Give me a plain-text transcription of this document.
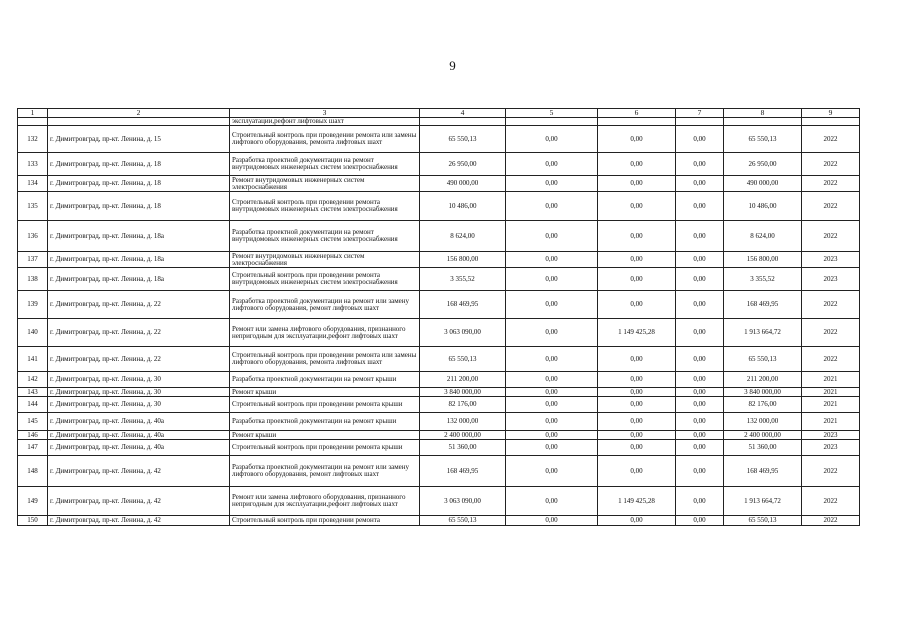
9
1	2	3	4	5	6	7	8	9
		эксплуатации,рефонт лифтовых шахт						
132	г. Димитровград, пр-кт. Ленина, д. 15	Строительный контроль при проведении ремонта или замены лифтового оборудования, ремонта лифтовых шахт	65 550,13	0,00	0,00	0,00	65 550,13	2022
133	г. Димитровград, пр-кт. Ленина, д. 18	Разработка проектной документации на ремонт внутридомовых инженерных систем электроснабжения	26 950,00	0,00	0,00	0,00	26 950,00	2022
134	г. Димитровград, пр-кт. Ленина, д. 18	Ремонт внутридомовых инженерных систем электроснабжения	490 000,00	0,00	0,00	0,00	490 000,00	2022
135	г. Димитровград, пр-кт. Ленина, д. 18	Строительный контроль при проведении ремонта внутридомовых инженерных систем электроснабжения	10 486,00	0,00	0,00	0,00	10 486,00	2022
136	г. Димитровград, пр-кт. Ленина, д. 18а	Разработка проектной документации на ремонт внутридомовых инженерных систем электроснабжения	8 624,00	0,00	0,00	0,00	8 624,00	2022
137	г. Димитровград, пр-кт. Ленина, д. 18а	Ремонт внутридомовых инженерных систем электроснабжения	156 800,00	0,00	0,00	0,00	156 800,00	2023
138	г. Димитровград, пр-кт. Ленина, д. 18а	Строительный контроль при проведении ремонта внутридомовых инженерных систем электроснабжения	3 355,52	0,00	0,00	0,00	3 355,52	2023
139	г. Димитровград, пр-кт. Ленина, д. 22	Разработка проектной документации на ремонт или замену лифтового оборудования, ремонт лифтовых шахт	168 469,95	0,00	0,00	0,00	168 469,95	2022
140	г. Димитровград, пр-кт. Ленина, д. 22	Ремонт или замена лифтового оборудования, признанного непригодным для эксплуатации,рефонт лифтовых шахт	3 063 090,00	0,00	1 149 425,28	0,00	1 913 664,72	2022
141	г. Димитровград, пр-кт. Ленина, д. 22	Строительный контроль при проведении ремонта или замены лифтового оборудования, ремонта лифтовых шахт	65 550,13	0,00	0,00	0,00	65 550,13	2022
142	г. Димитровград, пр-кт. Ленина, д. 30	Разработка проектной документации на ремонт крыши	211 200,00	0,00	0,00	0,00	211 200,00	2021
143	г. Димитровград, пр-кт. Ленина, д. 30	Ремонт крыши	3 840 000,00	0,00	0,00	0,00	3 840 000,00	2021
144	г. Димитровград, пр-кт. Ленина, д. 30	Строительный контроль при проведении ремонта крыши	82 176,00	0,00	0,00	0,00	82 176,00	2021
145	г. Димитровград, пр-кт. Ленина, д. 40а	Разработка проектной документации на ремонт крыши	132 000,00	0,00	0,00	0,00	132 000,00	2021
146	г. Димитровград, пр-кт. Ленина, д. 40а	Ремонт крыши	2 400 000,00	0,00	0,00	0,00	2 400 000,00	2023
147	г. Димитровград, пр-кт. Ленина, д. 40а	Строительный контроль при проведении ремонта крыши	51 360,00	0,00	0,00	0,00	51 360,00	2023
148	г. Димитровград, пр-кт. Ленина, д. 42	Разработка проектной документации на ремонт или замену лифтового оборудования, ремонт лифтовых шахт	168 469,95	0,00	0,00	0,00	168 469,95	2022
149	г. Димитровград, пр-кт. Ленина, д. 42	Ремонт или замена лифтового оборудования, признанного непригодным для эксплуатации,рефонт лифтовых шахт	3 063 090,00	0,00	1 149 425,28	0,00	1 913 664,72	2022
150	г. Димитровград, пр-кт. Ленина, д. 42	Строительный контроль при проведении ремонта	65 550,13	0,00	0,00	0,00	65 550,13	2022
